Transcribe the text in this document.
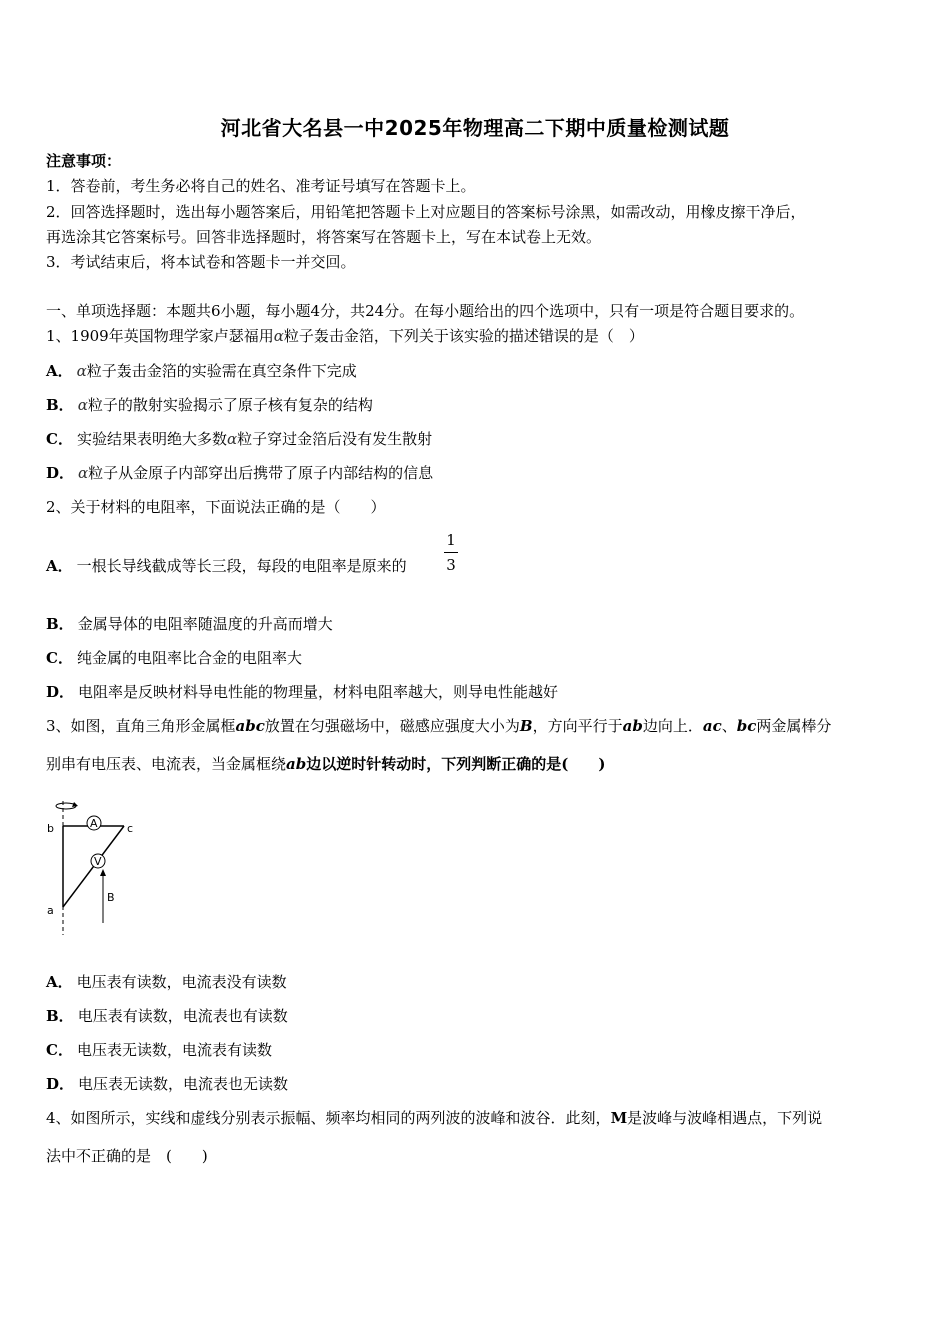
河北省大名县一中2025年物理高二下期中质量检测试题
注意事项：
1．答卷前，考生务必将自己的姓名、准考证号填写在答题卡上。
2．回答选择题时，选出每小题答案后，用铅笔把答题卡上对应题目的答案标号涂黑，如需改动，用橡皮擦干净后，
再选涂其它答案标号。回答非选择题时，将答案写在答题卡上，写在本试卷上无效。
3．考试结束后，将本试卷和答题卡一并交回。
一、单项选择题：本题共6小题，每小题4分，共24分。在每小题给出的四个选项中，只有一项是符合题目要求的。
1、1909年英国物理学家卢瑟福用α粒子轰击金箔，下列关于该实验的描述错误的是（　）
A． α粒子轰击金箔的实验需在真空条件下完成
B． α粒子的散射实验揭示了原子核有复杂的结构
C． 实验结果表明绝大多数α粒子穿过金箔后没有发生散射
D． α粒子从金原子内部穿出后携带了原子内部结构的信息
2、关于材料的电阻率，下面说法正确的是（　　）
A． 一根长导线截成等长三段，每段的电阻率是原来的
1
3
B． 金属导体的电阻率随温度的升高而增大
C． 纯金属的电阻率比合金的电阻率大
D． 电阻率是反映材料导电性能的物理量，材料电阻率越大，则导电性能越好
3、如图，直角三角形金属框abc放置在匀强磁场中，磁感应强度大小为B，方向平行于ab边向上．ac、bc两金属棒分
别串有电压表、电流表，当金属框绕ab边以逆时针转动时，下列判断正确的是(　　)
A
V
b	c
a
B
A． 电压表有读数，电流表没有读数
B． 电压表有读数，电流表也有读数
C． 电压表无读数，电流表有读数
D． 电压表无读数，电流表也无读数
4、如图所示，实线和虚线分别表示振幅、频率均相同的两列波的波峰和波谷．此刻，M是波峰与波峰相遇点，下列说
法中不正确的是　(　　)
